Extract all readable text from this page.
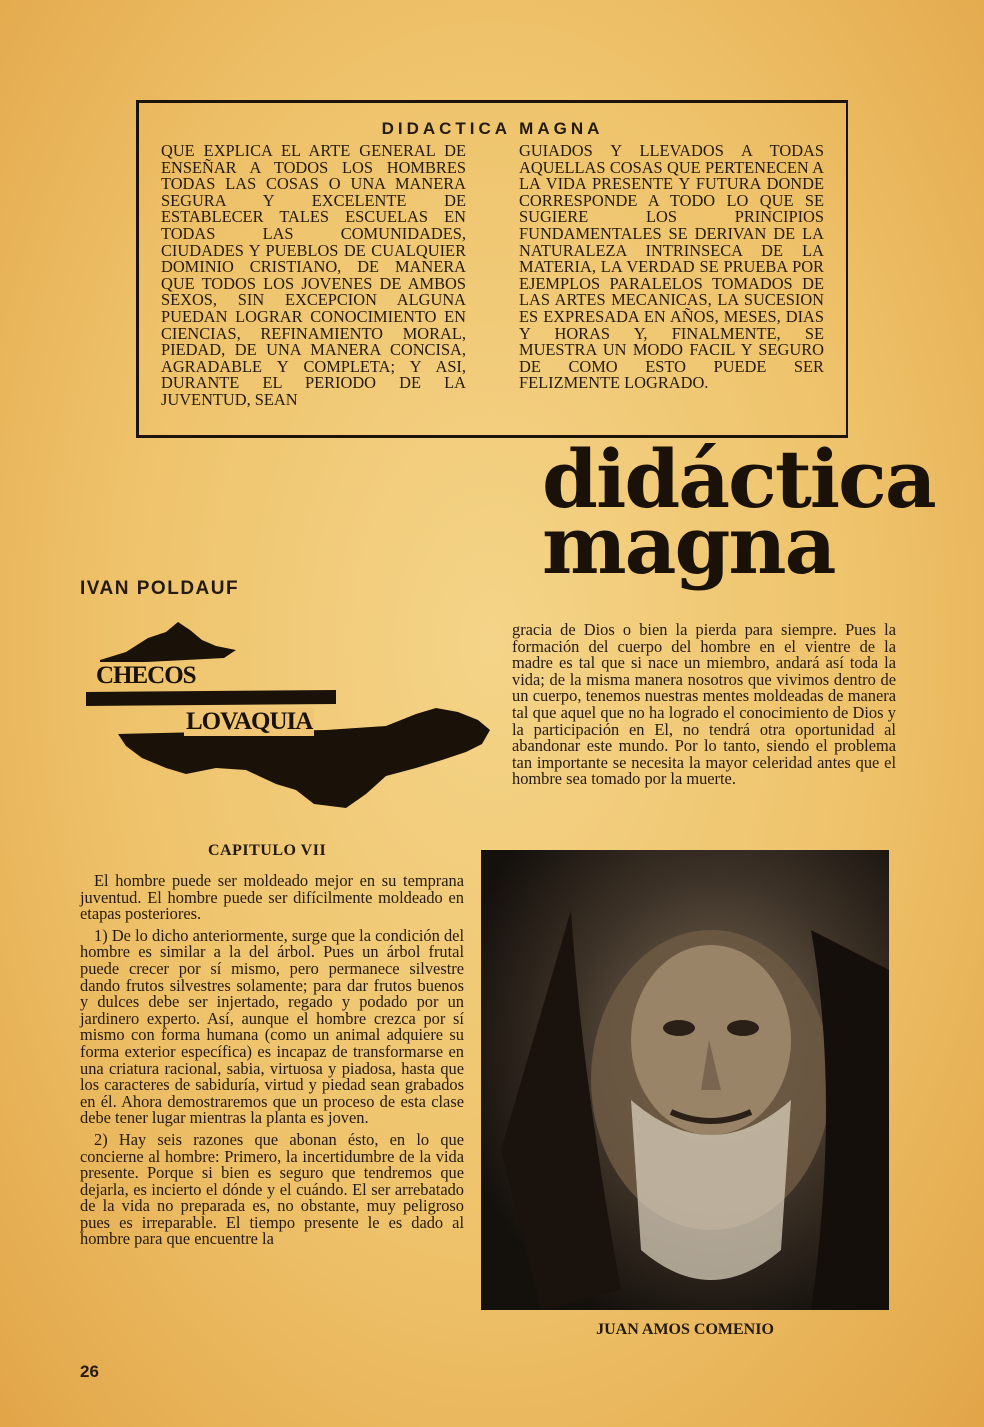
DIDACTICA MAGNA

QUE EXPLICA EL ARTE GENERAL DE ENSEÑAR A TODOS LOS HOMBRES TODAS LAS COSAS O UNA MANERA SEGURA Y EXCELENTE DE ESTABLECER TALES ESCUELAS EN TODAS LAS COMUNIDADES, CIUDADES Y PUEBLOS DE CUALQUIER DOMINIO CRISTIANO, DE MANERA QUE TODOS LOS JOVENES DE AMBOS SEXOS, SIN EXCEPCION ALGUNA PUEDAN LOGRAR CONOCIMIENTO EN CIENCIAS, REFINAMIENTO MORAL, PIEDAD, DE UNA MANERA CONCISA, AGRADABLE Y COMPLETA; Y ASI, DURANTE EL PERIODO DE LA JUVENTUD, SEAN

GUIADOS Y LLEVADOS A TODAS AQUELLAS COSAS QUE PERTENECEN A LA VIDA PRESENTE Y FUTURA DONDE CORRESPONDE A TODO LO QUE SE SUGIERE LOS PRINCIPIOS FUNDAMENTALES SE DERIVAN DE LA NATURALEZA INTRINSECA DE LA MATERIA, LA VERDAD SE PRUEBA POR EJEMPLOS PARALELOS TOMADOS DE LAS ARTES MECANICAS, LA SUCESION ES EXPRESADA EN AÑOS, MESES, DIAS Y HORAS Y, FINALMENTE, SE MUESTRA UN MODO FACIL Y SEGURO DE COMO ESTO PUEDE SER FELIZMENTE LOGRADO.

didáctica
magna
IVAN POLDAUF
CHECOS
LOVAQUIA
CAPITULO VII

El hombre puede ser moldeado mejor en su temprana juventud. El hombre puede ser difícilmente moldeado en etapas posteriores.

1) De lo dicho anteriormente, surge que la condición del hombre es similar a la del árbol. Pues un árbol frutal puede crecer por sí mismo, pero permanece silvestre dando frutos silvestres solamente; para dar frutos buenos y dulces debe ser injertado, regado y podado por un jardinero experto. Así, aunque el hombre crezca por sí mismo con forma humana (como un animal adquiere su forma exterior específica) es incapaz de transformarse en una criatura racional, sabia, virtuosa y piadosa, hasta que los caracteres de sabiduría, virtud y piedad sean grabados en él. Ahora demostraremos que un proceso de esta clase debe tener lugar mientras la planta es joven.

2) Hay seis razones que abonan ésto, en lo que concierne al hombre: Primero, la incertidumbre de la vida presente. Porque si bien es seguro que tendremos que dejarla, es incierto el dónde y el cuándo. El ser arrebatado de la vida no preparada es, no obstante, muy peligroso pues es irreparable. El tiempo presente le es dado al hombre para que encuentre la

gracia de Dios o bien la pierda para siempre. Pues la formación del cuerpo del hombre en el vientre de la madre es tal que si nace un miembro, andará así toda la vida; de la misma manera nosotros que vivimos dentro de un cuerpo, tenemos nuestras mentes moldeadas de manera tal que aquel que no ha logrado el conocimiento de Dios y la participación en El, no tendrá otra oportunidad al abandonar este mundo. Por lo tanto, siendo el problema tan importante se necesita la mayor celeridad antes que el hombre sea tomado por la muerte.

JUAN AMOS COMENIO
26
